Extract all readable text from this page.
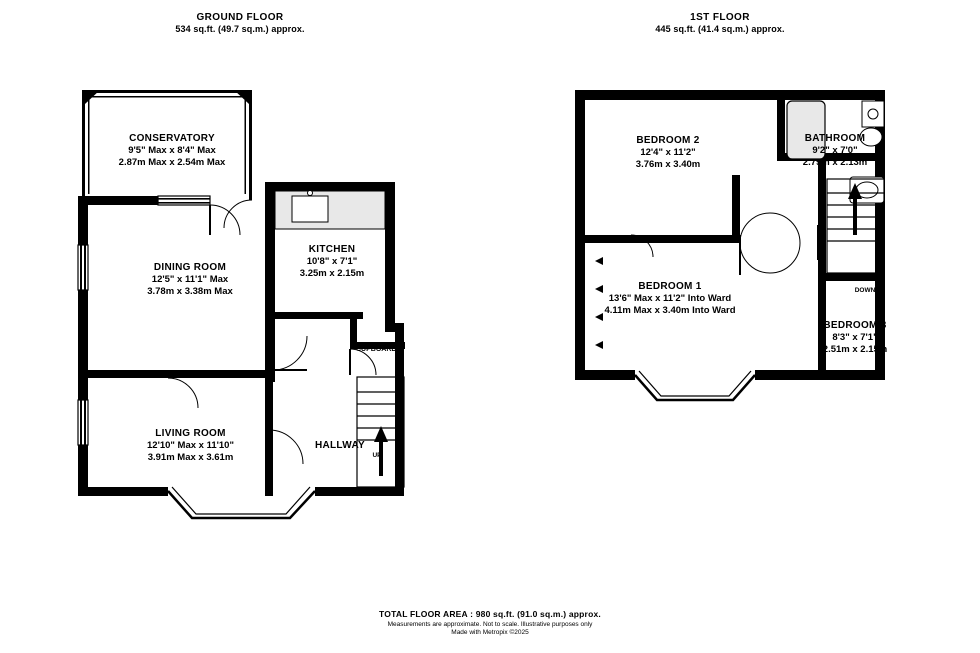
GROUND FLOOR
534 sq.ft. (49.7 sq.m.) approx.
1ST FLOOR
445 sq.ft. (41.4 sq.m.) approx.
CONSERVATORY
9'5" Max x 8'4" Max
2.87m Max x 2.54m Max
KITCHEN
10'8" x 7'1"
3.25m x 2.15m
DINING ROOM
12'5" x 11'1" Max
3.78m x 3.38m Max
LIVING ROOM
12'10" Max x 11'10"
3.91m Max x 3.61m
CUPBOARD
HALLWAY
UP
BEDROOM 2
12'4" x 11'2"
3.76m x 3.40m
BATHROOM
9'2" x 7'0"
2.79m x 2.13m
BEDROOM 1
13'6" Max x 11'2" Into Ward
4.11m Max x 3.40m Into Ward
BEDROOM 3
8'3" x 7'1"
2.51m x 2.15m
DOWN
TOTAL FLOOR AREA : 980 sq.ft. (91.0 sq.m.) approx.
Measurements are approximate. Not to scale. Illustrative purposes only
Made with Metropix ©2025
